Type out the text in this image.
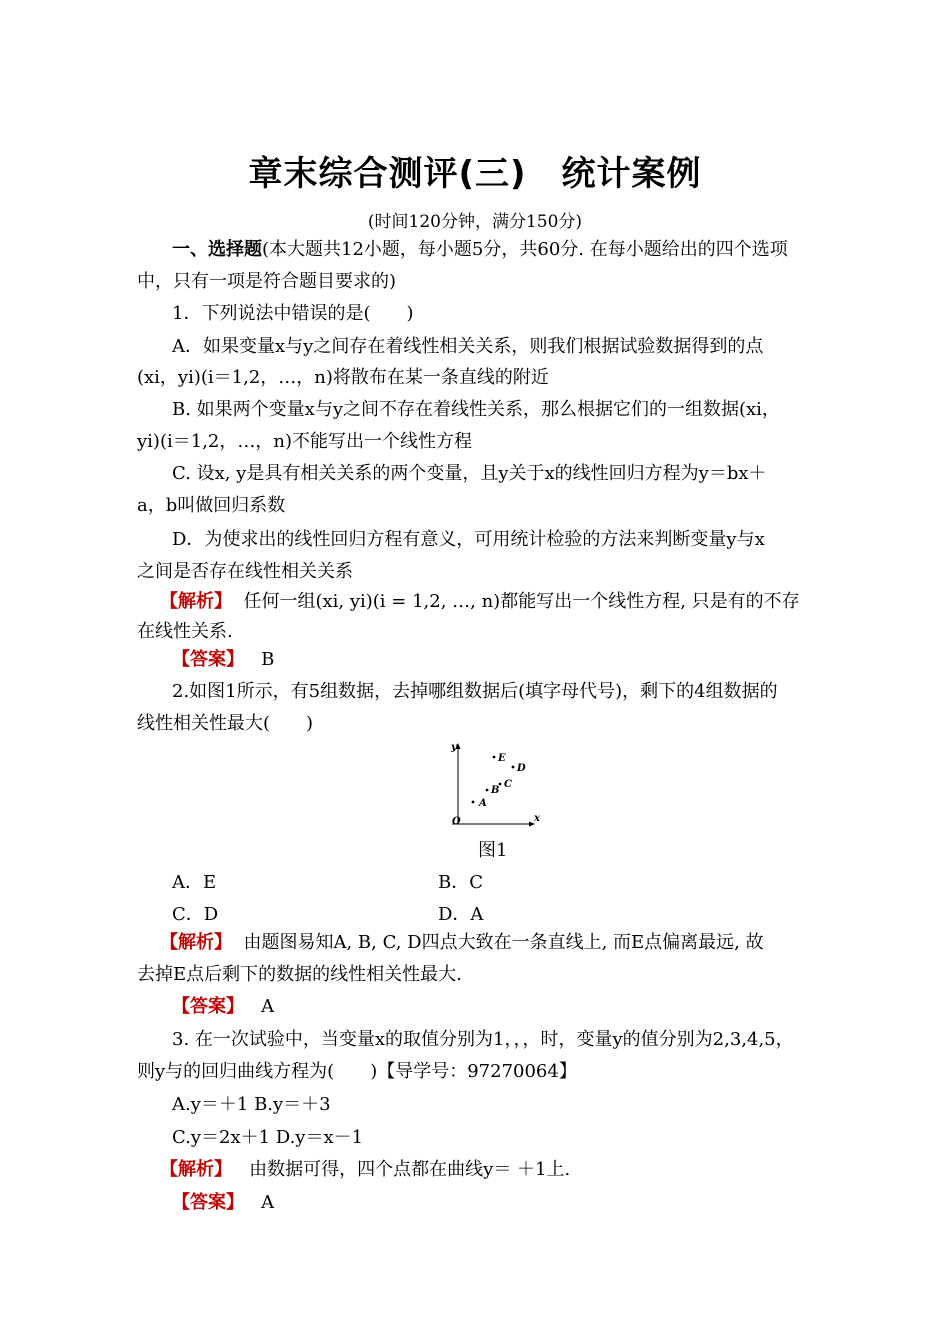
章末综合测评(三)　统计案例
(时间120分钟，满分150分)
一、选择题(本大题共12小题，每小题5分，共60分. 在每小题给出的四个选项
中，只有一项是符合题目要求的)
1．下列说法中错误的是(　　)
A．如果变量x与y之间存在着线性相关关系，则我们根据试验数据得到的点
(xi，yi)(i＝1,2，…，n)将散布在某一条直线的附近
B. 如果两个变量x与y之间不存在着线性关系，那么根据它们的一组数据(xi，
yi)(i＝1,2，…，n)不能写出一个线性方程
C. 设x, y是具有相关关系的两个变量，且y关于x的线性回归方程为y＝bx＋
a，b叫做回归系数
D．为使求出的线性回归方程有意义，可用统计检验的方法来判断变量y与x
之间是否存在线性相关关系
【解析】 任何一组(xi, yi)(i = 1,2, …, n)都能写出一个线性方程, 只是有的不存
在线性关系.
【答案】 B
2.如图1所示，有5组数据，去掉哪组数据后(填字母代号)，剩下的4组数据的
线性相关性最大(　　)
y
x
O
A
B
C
D
E
图1
A．E	B．C
C．D	D．A
【解析】 由题图易知A, B, C, D四点大致在一条直线上, 而E点偏离最远, 故
去掉E点后剩下的数据的线性相关性最大.
【答案】 A
3. 在一次试验中，当变量x的取值分别为1，，，时，变量y的值分别为2,3,4,5，
则y与的回归曲线方程为(　　)【导学号：97270064】
A.y＝＋1 B.y＝＋3
C.y＝2x＋1 D.y＝x－1
【解析】 由数据可得，四个点都在曲线y＝ ＋1上.
【答案】 A
